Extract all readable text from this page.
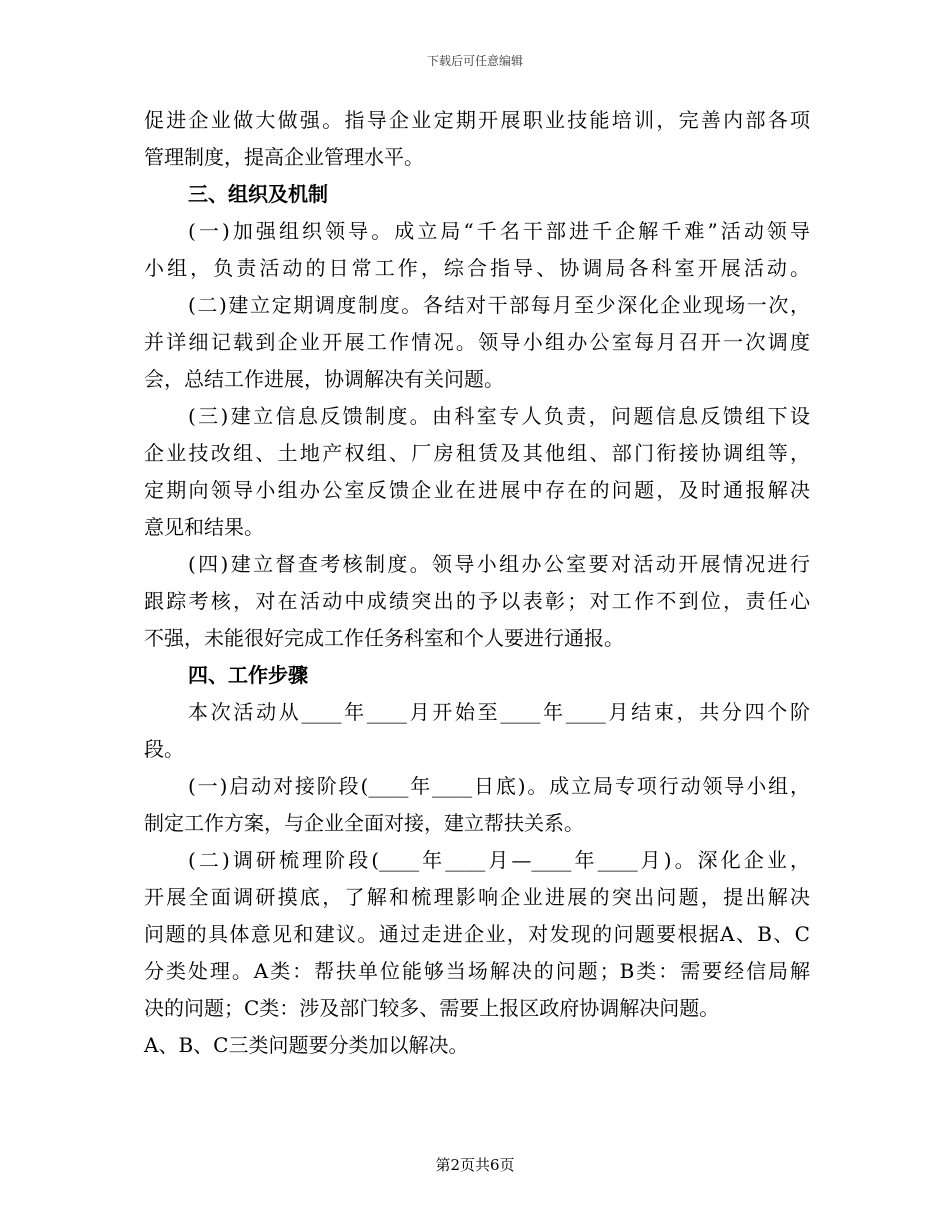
下载后可任意编辑
促进企业做大做强。指导企业定期开展职业技能培训，完善内部各项
管理制度，提高企业管理水平。
三、组织及机制
(一)加强组织领导。成立局“千名干部进千企解千难”活动领导
小组，负责活动的日常工作，综合指导、协调局各科室开展活动。
(二)建立定期调度制度。各结对干部每月至少深化企业现场一次，
并详细记载到企业开展工作情况。领导小组办公室每月召开一次调度
会，总结工作进展，协调解决有关问题。
(三)建立信息反馈制度。由科室专人负责，问题信息反馈组下设
企业技改组、土地产权组、厂房租赁及其他组、部门衔接协调组等，
定期向领导小组办公室反馈企业在进展中存在的问题，及时通报解决
意见和结果。
(四)建立督查考核制度。领导小组办公室要对活动开展情况进行
跟踪考核，对在活动中成绩突出的予以表彰；对工作不到位，责任心
不强，未能很好完成工作任务科室和个人要进行通报。
四、工作步骤
本次活动从____年____月开始至____年____月结束，共分四个阶
段。
(一)启动对接阶段(____年____日底)。成立局专项行动领导小组，
制定工作方案，与企业全面对接，建立帮扶关系。
(二)调研梳理阶段(____年____月—____年____月)。深化企业，
开展全面调研摸底，了解和梳理影响企业进展的突出问题，提出解决
问题的具体意见和建议。通过走进企业，对发现的问题要根据A、B、C
分类处理。A类：帮扶单位能够当场解决的问题；B类：需要经信局解
决的问题；C类：涉及部门较多、需要上报区政府协调解决问题。
A、B、C三类问题要分类加以解决。
第2页共6页
